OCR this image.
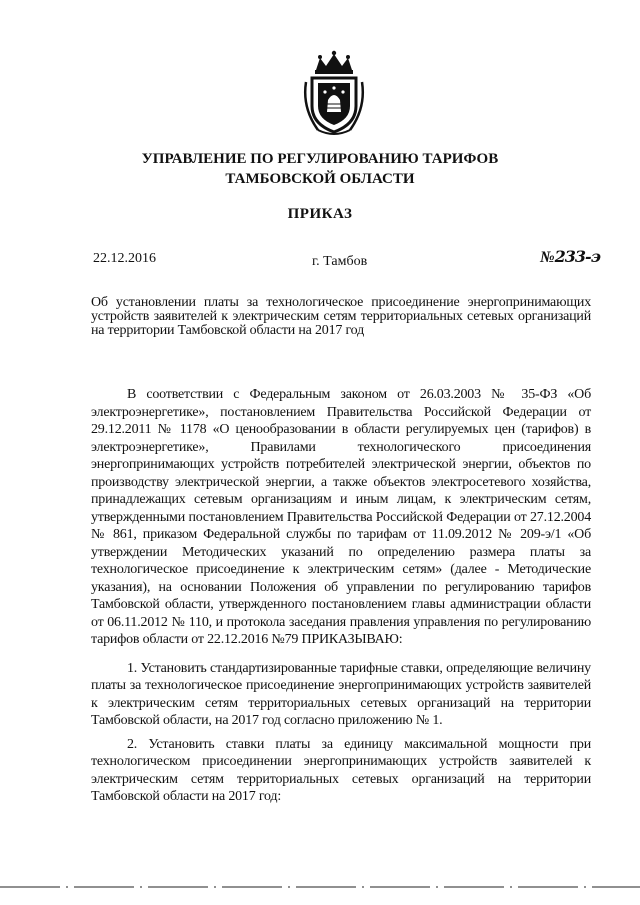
УПРАВЛЕНИЕ ПО РЕГУЛИРОВАНИЮ ТАРИФОВ
ТАМБОВСКОЙ ОБЛАСТИ
ПРИКАЗ
22.12.2016	г. Тамбов	№233-э
Об установлении платы за технологическое присоединение энергопринимающих устройств заявителей к электрическим сетям территориальных сетевых организаций на территории Тамбовской области на 2017 год

В соответствии с Федеральным законом от 26.03.2003 № 35-ФЗ «Об электроэнергетике», постановлением Правительства Российской Федерации от 29.12.2011 № 1178 «О ценообразовании в области регулируемых цен (тарифов) в электроэнергетике», Правилами технологического присоединения энергопринимающих устройств потребителей электрической энергии, объектов по производству электрической энергии, а также объектов электросетевого хозяйства, принадлежащих сетевым организациям и иным лицам, к электрическим сетям, утвержденными постановлением Правительства Российской Федерации от 27.12.2004 № 861, приказом Федеральной службы по тарифам от 11.09.2012 № 209-э/1 «Об утверждении Методических указаний по определению размера платы за технологическое присоединение к электрическим сетям» (далее - Методические указания), на основании Положения об управлении по регулированию тарифов Тамбовской области, утвержденного постановлением главы администрации области от 06.11.2012 № 110, и протокола заседания правления управления по регулированию тарифов области от 22.12.2016 №79 ПРИКАЗЫВАЮ:

1. Установить стандартизированные тарифные ставки, определяющие величину платы за технологическое присоединение энергопринимающих устройств заявителей к электрическим сетям территориальных сетевых организаций на территории Тамбовской области, на 2017 год согласно приложению № 1.

2. Установить ставки платы за единицу максимальной мощности при технологическом присоединении энергопринимающих устройств заявителей к электрическим сетям территориальных сетевых организаций на территории Тамбовской области на 2017 год:
